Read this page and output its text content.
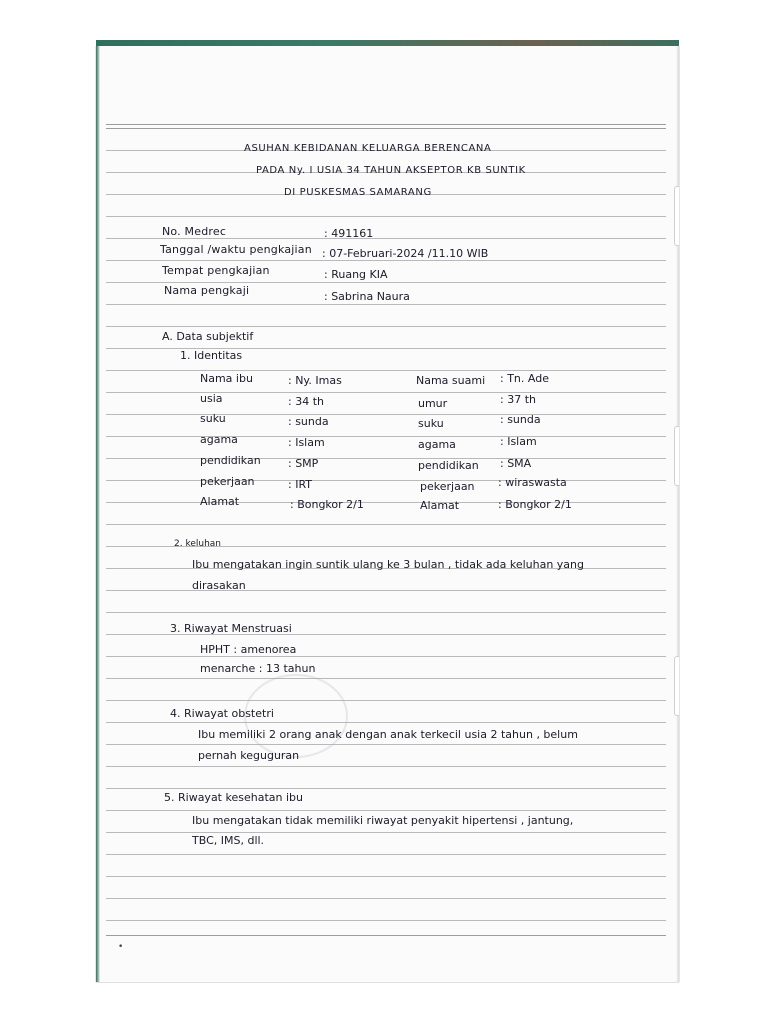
ASUHAN KEBIDANAN KELUARGA BERENCANA
PADA Ny. I USIA 34 TAHUN AKSEPTOR KB SUNTIK
DI PUSKESMAS SAMARANG
No. Medrec	: 491161
Tanggal /waktu pengkajian : 07-Februari-2024 /11.10 WIB
Tempat pengkajian	: Ruang KIA
Nama pengkaji	: Sabrina Naura
A. Data subjektif
1. Identitas
Nama ibu	: Ny. Imas	Nama suami : Tn. Ade
usia	: 34 th	umur	: 37 th
suku	: sunda	suku	: sunda
agama	: Islam	agama	: Islam
pendidikan : SMP	pendidikan : SMA
pekerjaan	: IRT	pekerjaan : wiraswasta
Alamat	: Bongkor 2/1	Alamat	: Bongkor 2/1
2. keluhan
Ibu mengatakan ingin suntik ulang ke 3 bulan , tidak ada keluhan yang
dirasakan
3. Riwayat Menstruasi
HPHT : amenorea
menarche : 13 tahun
4. Riwayat obstetri
Ibu memiliki 2 orang anak dengan anak terkecil usia 2 tahun , belum
pernah keguguran
5. Riwayat kesehatan ibu
Ibu mengatakan tidak memiliki riwayat penyakit hipertensi , jantung,
TBC, IMS, dll.
•
